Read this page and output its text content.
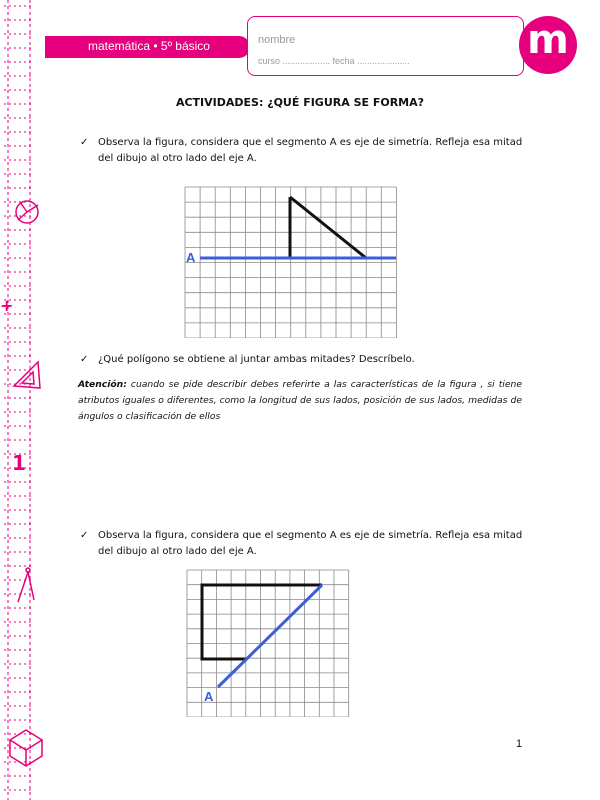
+
1
matemática • 5º básico	nombre
curso ................... fecha .....................	m
ACTIVIDADES: ¿QUÉ FIGURA SE FORMA?
✓ Observa la figura, considera que el segmento A es eje de simetría. Refleja esa mitad del dibujo al otro lado del eje A.
A
✓ ¿Qué polígono se obtiene al juntar ambas mitades? Descríbelo.
Atención: cuando se pide describir debes referirte a las características de la figura , si tiene atributos iguales o diferentes, como la longitud de sus lados, posición de sus lados, medidas de ángulos o clasificación de ellos
✓ Observa la figura, considera que el segmento A es eje de simetría. Refleja esa mitad del dibujo al otro lado del eje A.
A
1
